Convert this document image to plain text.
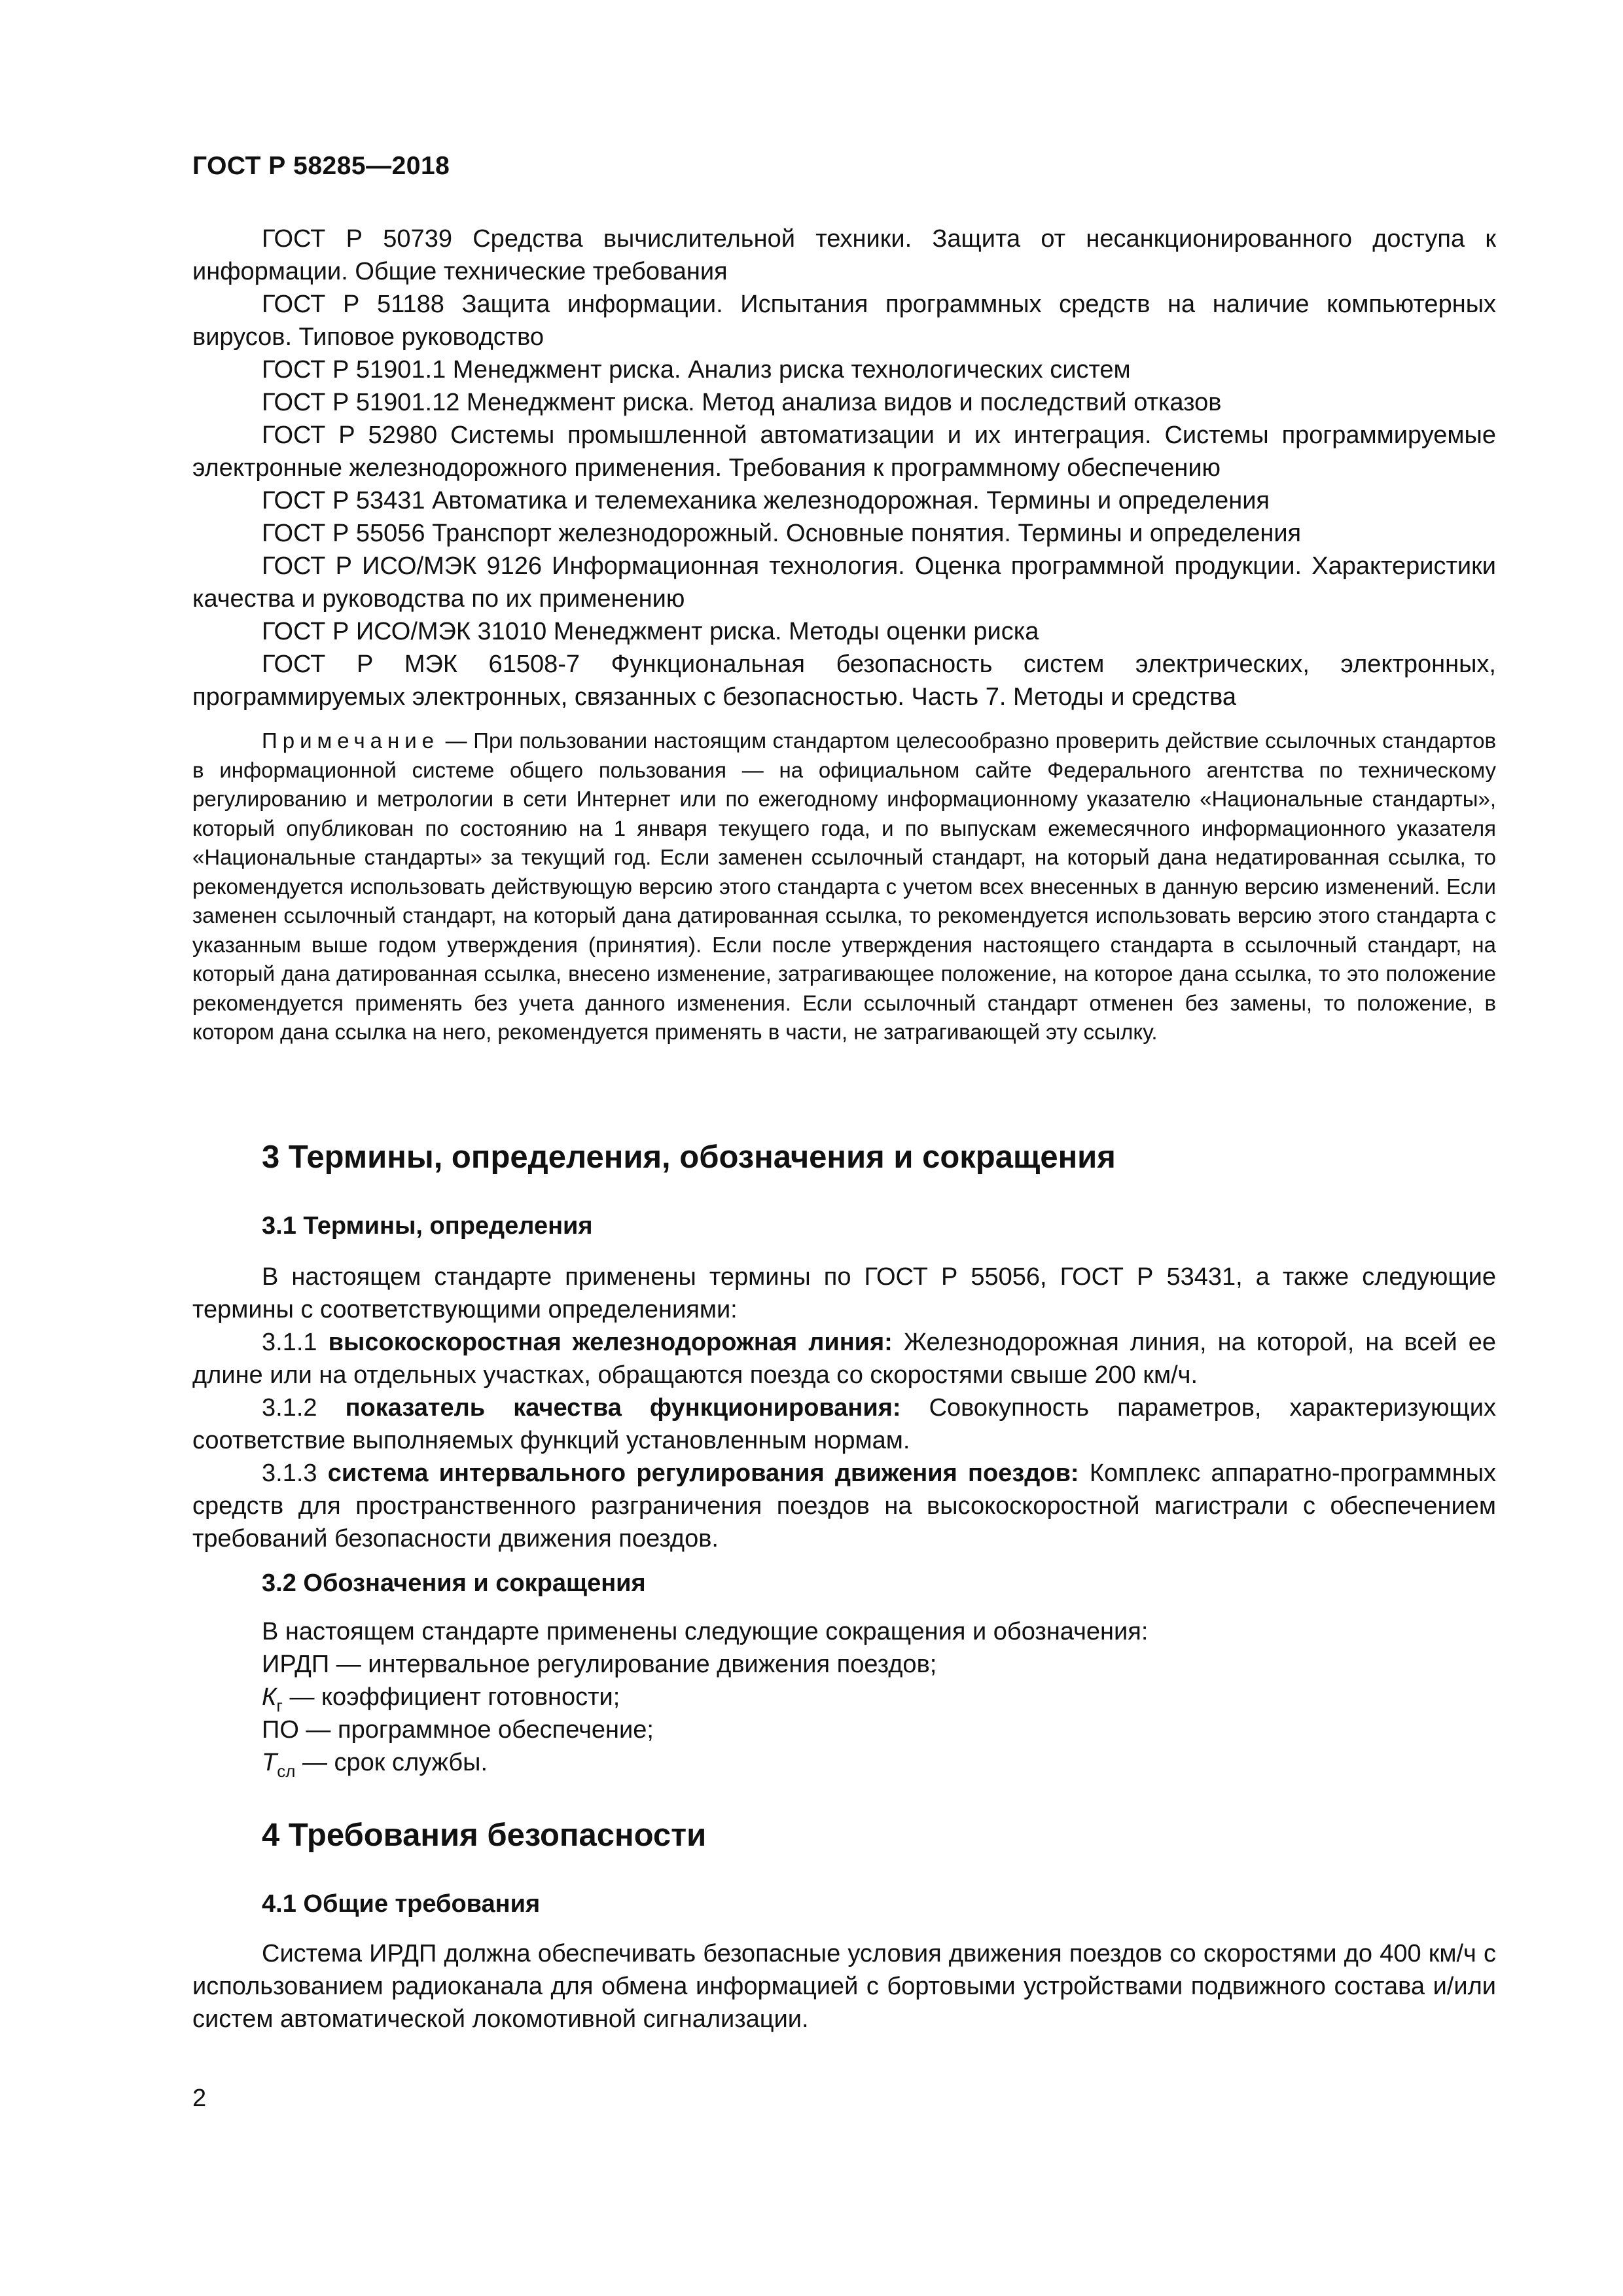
ГОСТ Р 58285—2018
ГОСТ Р 50739 Средства вычислительной техники. Защита от несанкционированного доступа к информации. Общие технические требования
ГОСТ Р 51188 Защита информации. Испытания программных средств на наличие компьютерных вирусов. Типовое руководство
ГОСТ Р 51901.1 Менеджмент риска. Анализ риска технологических систем
ГОСТ Р 51901.12 Менеджмент риска. Метод анализа видов и последствий отказов
ГОСТ Р 52980 Системы промышленной автоматизации и их интеграция. Системы программируемые электронные железнодорожного применения. Требования к программному обеспечению
ГОСТ Р 53431 Автоматика и телемеханика железнодорожная. Термины и определения
ГОСТ Р 55056 Транспорт железнодорожный. Основные понятия. Термины и определения
ГОСТ Р ИСО/МЭК 9126 Информационная технология. Оценка программной продукции. Характеристики качества и руководства по их применению
ГОСТ Р ИСО/МЭК 31010 Менеджмент риска. Методы оценки риска
ГОСТ Р МЭК 61508-7 Функциональная безопасность систем электрических, электронных, программируемых электронных, связанных с безопасностью. Часть 7. Методы и средства
Примечание — При пользовании настоящим стандартом целесообразно проверить действие ссылочных стандартов в информационной системе общего пользования — на официальном сайте Федерального агентства по техническому регулированию и метрологии в сети Интернет или по ежегодному информационному указателю «Национальные стандарты», который опубликован по состоянию на 1 января текущего года, и по выпускам ежемесячного информационного указателя «Национальные стандарты» за текущий год. Если заменен ссылочный стандарт, на который дана недатированная ссылка, то рекомендуется использовать действующую версию этого стандарта с учетом всех внесенных в данную версию изменений. Если заменен ссылочный стандарт, на который дана датированная ссылка, то рекомендуется использовать версию этого стандарта с указанным выше годом утверждения (принятия). Если после утверждения настоящего стандарта в ссылочный стандарт, на который дана датированная ссылка, внесено изменение, затрагивающее положение, на которое дана ссылка, то это положение рекомендуется применять без учета данного изменения. Если ссылочный стандарт отменен без замены, то положение, в котором дана ссылка на него, рекомендуется применять в части, не затрагивающей эту ссылку.
3 Термины, определения, обозначения и сокращения
3.1 Термины, определения
В настоящем стандарте применены термины по ГОСТ Р 55056, ГОСТ Р 53431, а также следующие термины с соответствующими определениями:
3.1.1 высокоскоростная железнодорожная линия: Железнодорожная линия, на которой, на всей ее длине или на отдельных участках, обращаются поезда со скоростями свыше 200 км/ч.
3.1.2 показатель качества функционирования: Совокупность параметров, характеризующих соответствие выполняемых функций установленным нормам.
3.1.3 система интервального регулирования движения поездов: Комплекс аппаратно-программных средств для пространственного разграничения поездов на высокоскоростной магистрали с обеспечением требований безопасности движения поездов.
3.2 Обозначения и сокращения
В настоящем стандарте применены следующие сокращения и обозначения:
ИРДП — интервальное регулирование движения поездов;
$К_г$ — коэффициент готовности;
ПО — программное обеспечение;
$Т_{сл}$ — срок службы.
4 Требования безопасности
4.1 Общие требования
Система ИРДП должна обеспечивать безопасные условия движения поездов со скоростями до 400 км/ч с использованием радиоканала для обмена информацией с бортовыми устройствами подвижного состава и/или систем автоматической локомотивной сигнализации.
2
